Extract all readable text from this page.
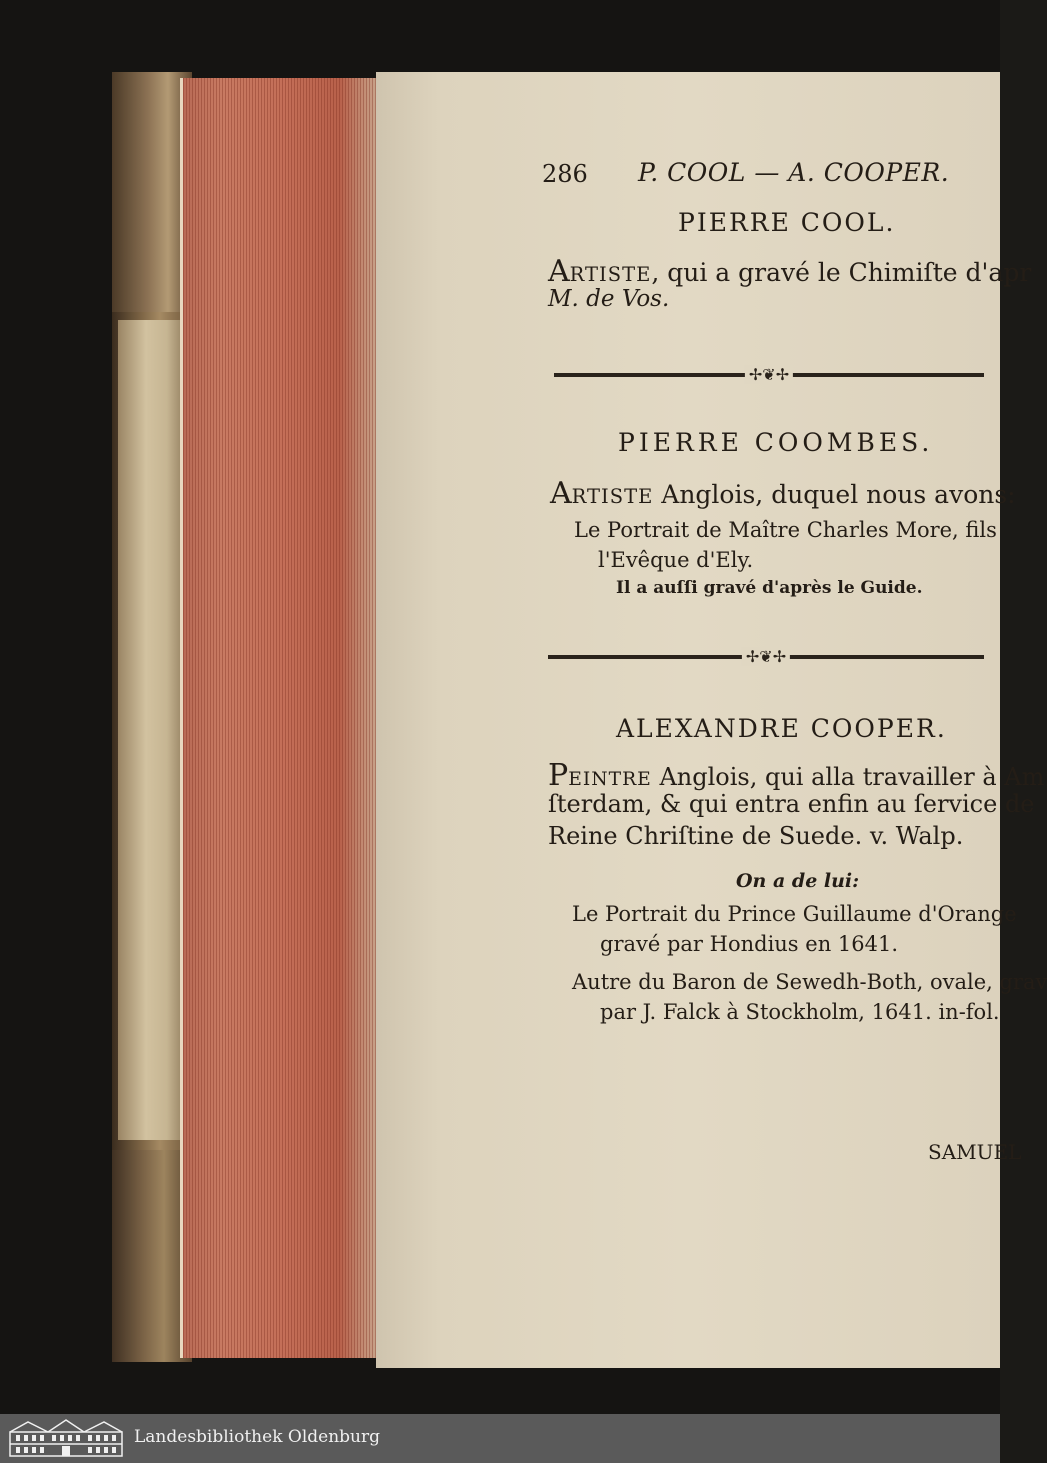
286 P. COOL — A. COOPER.
PIERRE COOL.
ARTISTE, qui a gravé le Chimiſte d'apr
M. de Vos.
✢❦✢
PIERRE COOMBES.
ARTISTE Anglois, duquel nous avons:
Le Portrait de Maître Charles More, fils
l'Evêque d'Ely.
Il a auſſi gravé d'après le Guide.
✢❦✢
ALEXANDRE COOPER.
PEINTRE Anglois, qui alla travailler à Am
ſterdam, & qui entra enfin au ſervice de
Reine Chriſtine de Suede. v. Walp.
On a de lui:
Le Portrait du Prince Guillaume d'Orange
gravé par Hondius en 1641.
Autre du Baron de Sewedh-Both, ovale, grav
par J. Falck à Stockholm, 1641. in-fol.
SAMUEL
Landesbibliothek Oldenburg
